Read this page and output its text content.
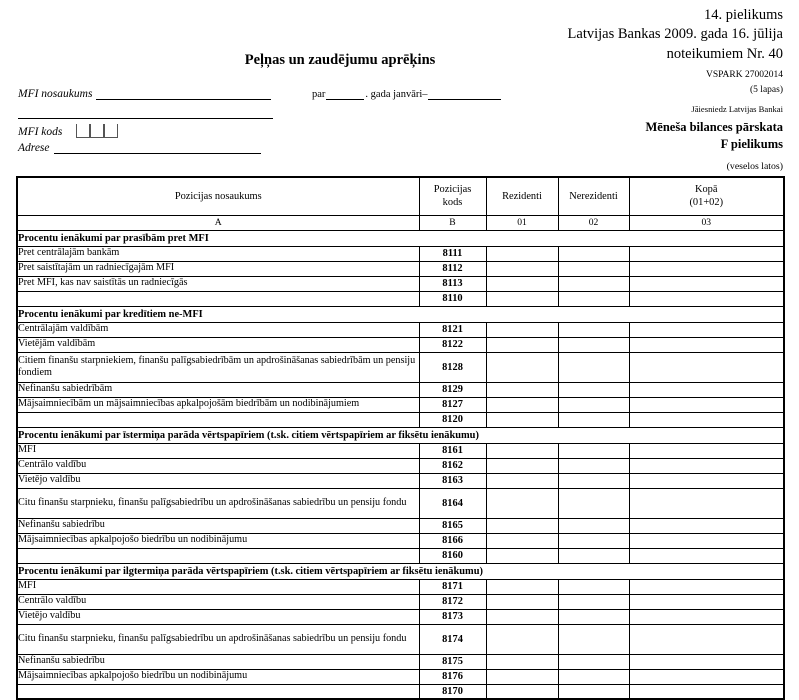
14. pielikums
Latvijas Bankas 2009. gada 16. jūlija
noteikumiem Nr. 40
VSPARK 27002014
(5 lapas)
Jāiesniedz Latvijas Bankai
Peļņas un zaudējumu aprēķins
MFI nosaukums
MFI kods
Adrese
par	. gada janvāri–
Mēneša bilances pārskata
F pielikums
(veselos latos)
Pozicijas nosaukums	
Pozicijas
kods
	Rezidenti	Nerezidenti	
Kopā
(01+02)

A	B	01	02	03
Procentu ienākumi par prasībām pret MFI				
Pret centrālajām bankām	8111			
Pret saistītajām un radniecīgajām MFI	8112			
Pret MFI, kas nav saistītās un radniecīgās	8113			
	8110			
Procentu ienākumi par kredītiem ne-MFI				
Centrālajām valdībām	8121			
Vietējām valdībām	8122			
Citiem finanšu starpniekiem, finanšu palīgsabiedrībām un apdrošināšanas sabiedrībām un pensiju fondiem	8128			
Nefinanšu sabiedrībām	8129			
Mājsaimniecībām un mājsaimniecības apkalpojošām biedrībām un nodibinājumiem	8127			
	8120			
Procentu ienākumi par īstermiņa parāda vērtspapīriem (t.sk. citiem vērtspapīriem ar fiksētu ienākumu)				
MFI	8161			
Centrālo valdību	8162			
Vietējo valdību	8163			
Citu finanšu starpnieku, finanšu palīgsabiedrību un apdrošināšanas sabiedrību un pensiju fondu	8164			
Nefinanšu sabiedrību	8165			
Mājsaimniecības apkalpojošo biedrību un nodibinājumu	8166			
	8160			
Procentu ienākumi par ilgtermiņa parāda vērtspapīriem (t.sk. citiem vērtspapīriem ar fiksētu ienākumu)				
MFI	8171			
Centrālo valdību	8172			
Vietējo valdību	8173			
Citu finanšu starpnieku, finanšu palīgsabiedrību un apdrošināšanas sabiedrību un pensiju fondu	8174			
Nefinanšu sabiedrību	8175			
Mājsaimniecības apkalpojošo biedrību un nodibinājumu	8176			
	8170			
